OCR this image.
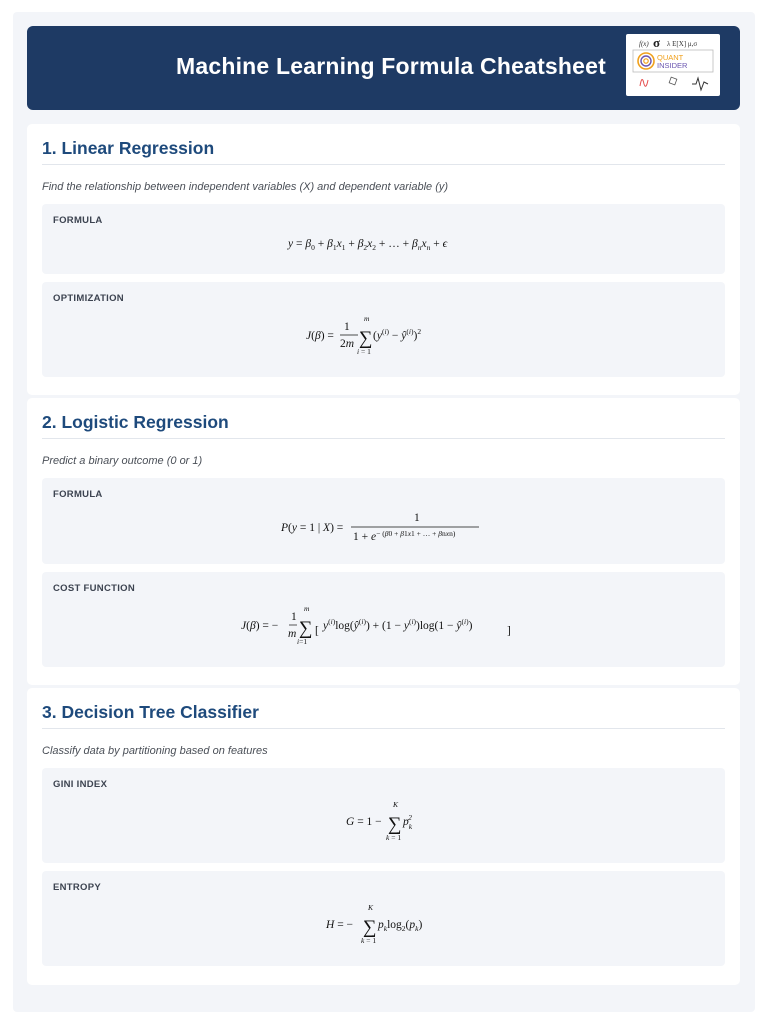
Machine Learning Formula Cheatsheet
f(x) σ λ E[X] μ,σ
QUANT
INSIDER
1. Linear Regression
Find the relationship between independent variables (X) and dependent variable (y)
FORMULA
$y = \beta_0 + \beta_1x_1 + \beta_2x_2$ + … + $\beta_nx_n + \epsilon$
OPTIMIZATION
J(β) =
1
2m
m
∑
i = 1
($y^{(i)}$ − $ŷ^{(i)})^2$
2. Logistic Regression
Predict a binary outcome (0 or 1)
FORMULA
P(y = 1 | X) =
1
$1 + e^{- (\beta 0 + \beta 1x1 + \dots + \beta nxn)}$
COST FUNCTION
J(β) = −
1
m
m
∑
i=1
[ $y^{(i)}\log(ŷ^{(i)}) + (1 - y^{(i)})\log(1$ − $ŷ^{(i)}$)	]
3. Decision Tree Classifier
Classify data by partitioning based on features
GINI INDEX
G = 1 −
K
∑
k = 1
$p_k2$
ENTROPY
H = −
K
∑
k = 1
$p_k\log_2(p_k)$
